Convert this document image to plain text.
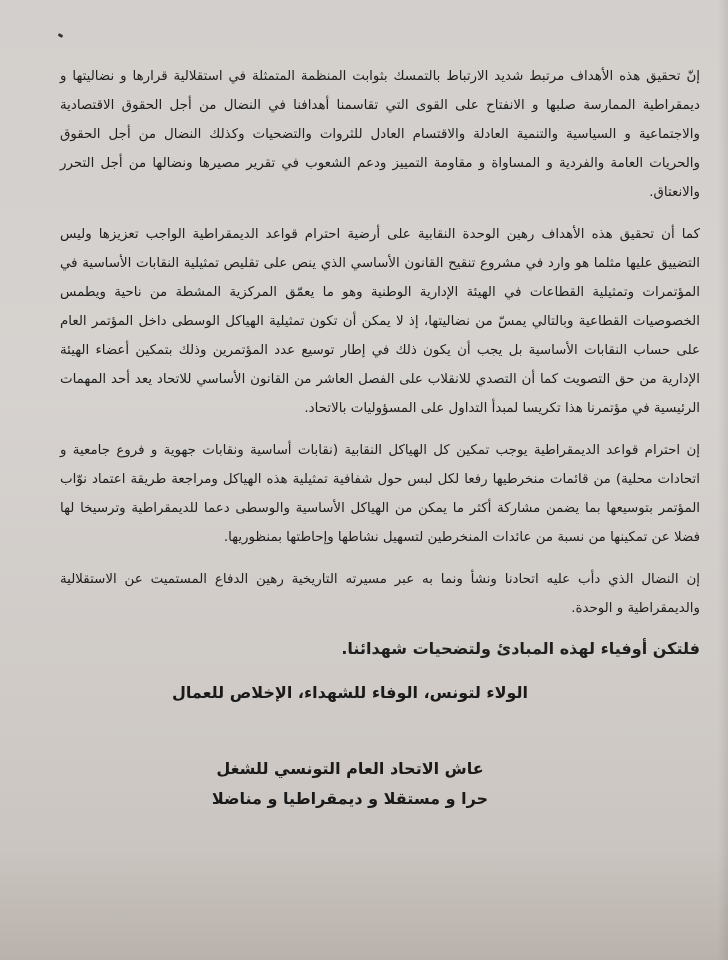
إنّ تحقيق هذه الأهداف مرتبط شديد الارتباط بالتمسك بثوابت المنظمة المتمثلة في استقلالية قرارها و نضاليتها و ديمقراطية الممارسة صلبها و الانفتاح على القوى التي تقاسمنا أهدافنا في النضال من أجل الحقوق الاقتصادية والاجتماعية و السياسية والتنمية العادلة والاقتسام العادل للثروات والتضحيات وكذلك النضال من أجل الحقوق والحريات العامة والفردية و المساواة و مقاومة التمييز ودعم الشعوب في تقرير مصيرها ونضالها من أجل التحرر والانعتاق.

كما أن تحقيق هذه الأهداف رهين الوحدة النقابية على أرضية احترام قواعد الديمقراطية الواجب تعزيزها وليس التضييق عليها مثلما هو وارد في مشروع تنقيح القانون الأساسي الذي ينص على تقليص تمثيلية النقابات الأساسية في المؤتمرات وتمثيلية القطاعات في الهيئة الإدارية الوطنية وهو ما يعمّق المركزية المشطة من ناحية ويطمس الخصوصيات القطاعية وبالتالي يمسّ من نضاليتها، إذ لا يمكن أن تكون تمثيلية الهياكل الوسطى داخل المؤتمر العام على حساب النقابات الأساسية بل يجب أن يكون ذلك في إطار توسيع عدد المؤتمرين وذلك بتمكين أعضاء الهيئة الإدارية من حق التصويت كما أن التصدي للانقلاب على الفصل العاشر من القانون الأساسي للاتحاد يعد أحد المهمات الرئيسية في مؤتمرنا هذا تكريسا لمبدأ التداول على المسؤوليات بالاتحاد.

إن احترام قواعد الديمقراطية يوجب تمكين كل الهياكل النقابية (نقابات أساسية ونقابات جهوية و فروع جامعية و اتحادات محلية) من قائمات منخرطيها رفعا لكل لبس حول شفافية تمثيلية هذه الهياكل ومراجعة طريقة اعتماد نوّاب المؤتمر بتوسيعها بما يضمن مشاركة أكثر ما يمكن من الهياكل الأساسية والوسطى دعما للديمقراطية وترسيخا لها فضلا عن تمكينها من نسبة من عائدات المنخرطين لتسهيل نشاطها وإحاطتها بمنظوريها.

إن النضال الذي دأب عليه اتحادنا ونشأ ونما به عبر مسيرته التاريخية رهين الدفاع المستميت عن الاستقلالية والديمقراطية و الوحدة.

فلتكن أوفياء لهذه المبادئ ولتضحيات شهدائنا.

الولاء لتونس، الوفاء للشهداء، الإخلاص للعمال

عاش الاتحاد العام التونسي للشغل

حرا و مستقلا و ديمقراطيا و مناضلا
